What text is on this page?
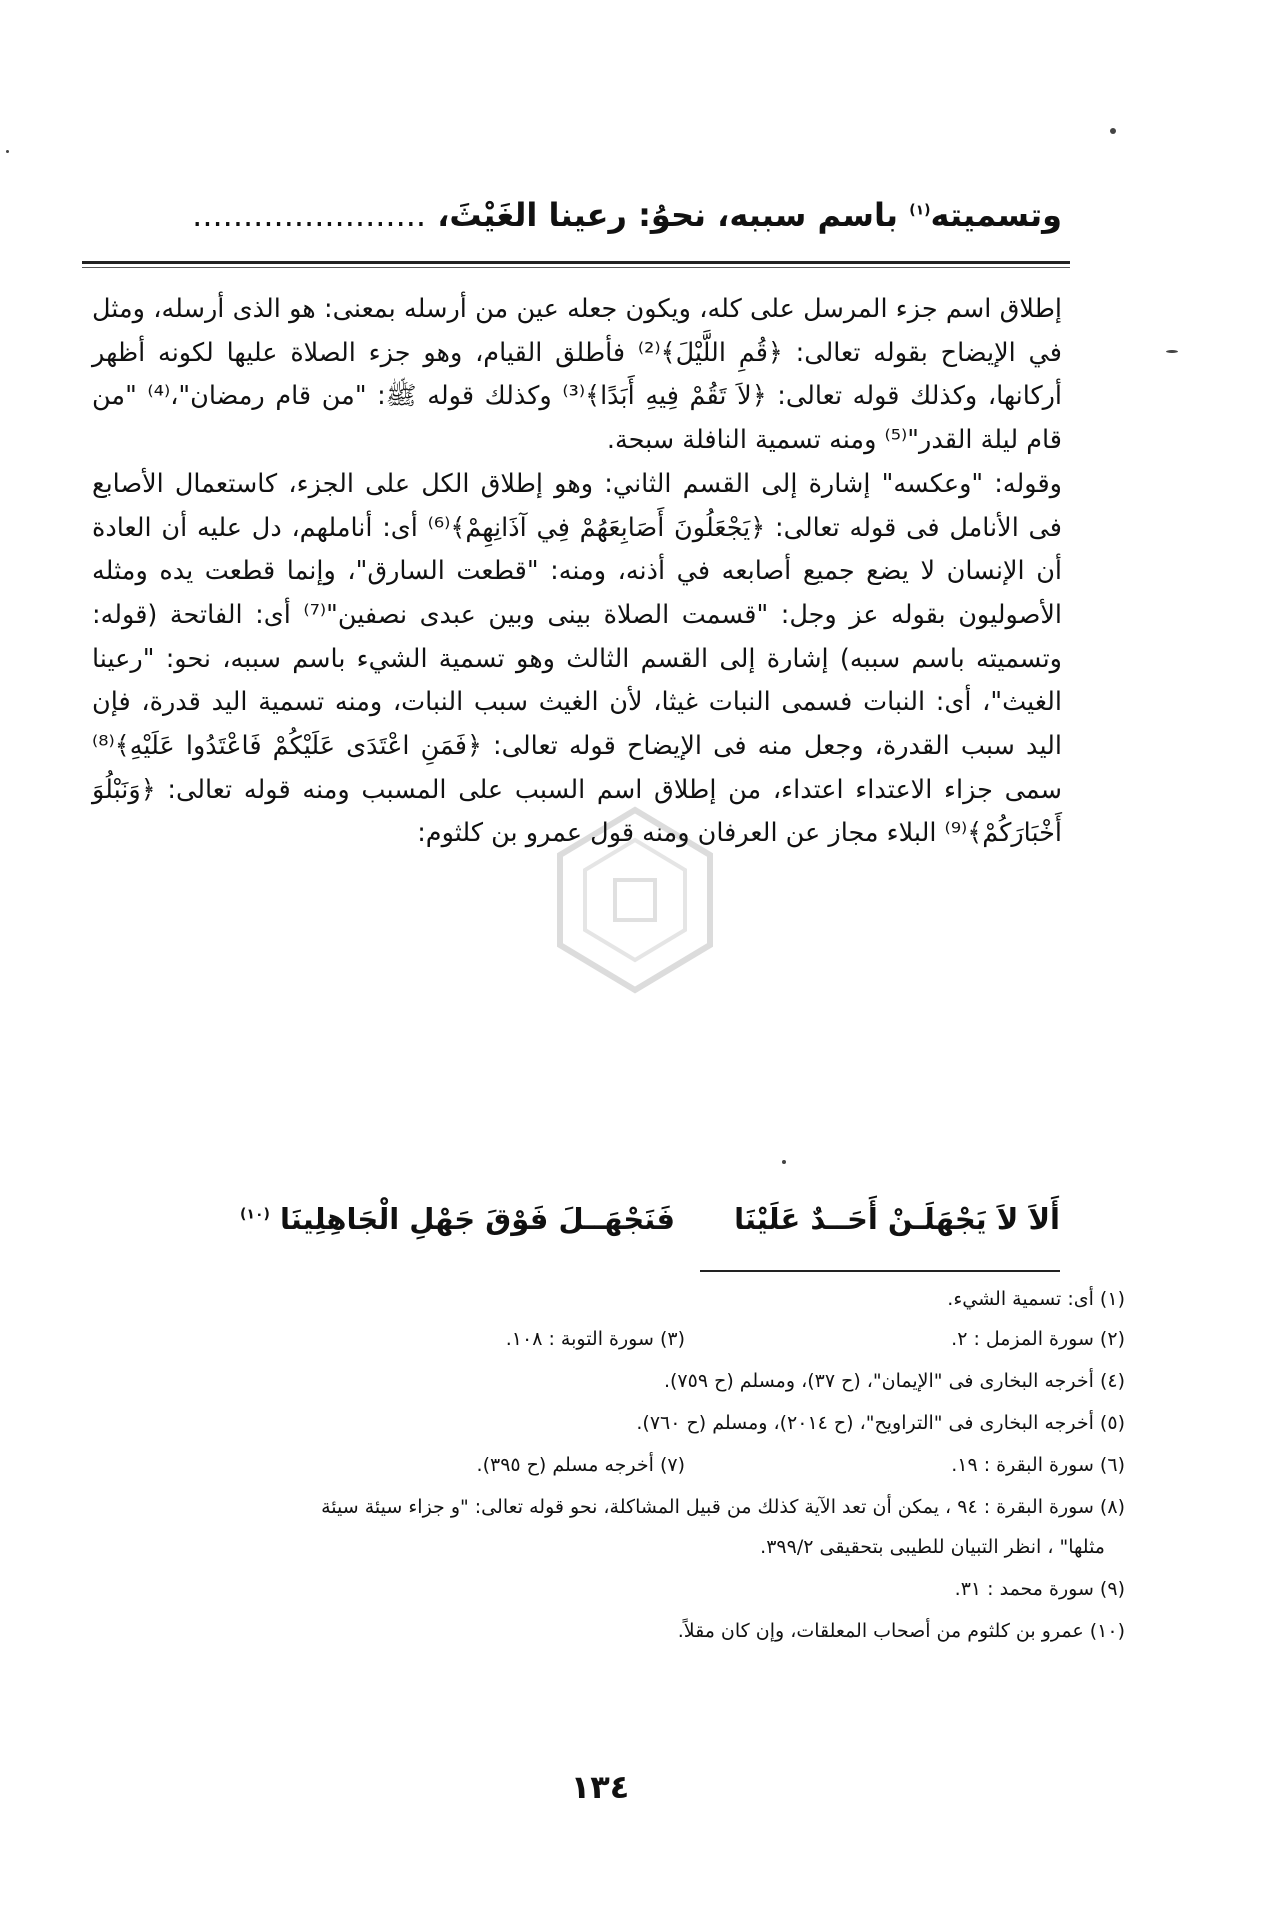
وتسميته$^{(١)}$ باسم سببه، نحوُ: رعينا الغَيْثَ، .......................

إطلاق اسم جزء المرسل على كله، ويكون جعله عين من أرسله بمعنى: هو الذى أرسله، ومثل في الإيضاح بقوله تعالى: ﴿قُمِ اللَّيْلَ﴾⁽²⁾ فأطلق القيام، وهو جزء الصلاة عليها لكونه أظهر أركانها، وكذلك قوله تعالى: ﴿لاَ تَقُمْ فِيهِ أَبَدًا﴾⁽³⁾ وكذلك قوله ﷺ: "من قام رمضان"،⁽⁴⁾ "من قام ليلة القدر"⁽⁵⁾ ومنه تسمية النافلة سبحة.

وقوله: "وعكسه" إشارة إلى القسم الثاني: وهو إطلاق الكل على الجزء، كاستعمال الأصابع فى الأنامل فى قوله تعالى: ﴿يَجْعَلُونَ أَصَابِعَهُمْ فِي آذَانِهِمْ﴾⁽⁶⁾ أى: أناملهم، دل عليه أن العادة أن الإنسان لا يضع جميع أصابعه في أذنه، ومنه: "قطعت السارق"، وإنما قطعت يده ومثله الأصوليون بقوله عز وجل: "قسمت الصلاة بينى وبين عبدى نصفين"⁽⁷⁾ أى: الفاتحة (قوله: وتسميته باسم سببه) إشارة إلى القسم الثالث وهو تسمية الشيء باسم سببه، نحو: "رعينا الغيث"، أى: النبات فسمى النبات غيثا، لأن الغيث سبب النبات، ومنه تسمية اليد قدرة، فإن اليد سبب القدرة، وجعل منه فى الإيضاح قوله تعالى: ﴿فَمَنِ اعْتَدَى عَلَيْكُمْ فَاعْتَدُوا عَلَيْهِ﴾⁽⁸⁾ سمى جزاء الاعتداء اعتداء، من إطلاق اسم السبب على المسبب ومنه قوله تعالى: ﴿وَنَبْلُوَ أَخْبَارَكُمْ﴾⁽⁹⁾ البلاء مجاز عن العرفان ومنه قول عمرو بن كلثوم:

أَلاَ لاَ يَجْهَلَـنْ أَحَــدٌ عَلَيْنَا
فَنَجْهَــلَ فَوْقَ جَهْلِ الْجَاهِلِينَا $^{(١٠)}$
(١) أى: تسمية الشيء.
(٢) سورة المزمل : ٢.
(٣) سورة التوبة : ١٠٨.
(٤) أخرجه البخارى فى "الإيمان"، (ح ٣٧)، ومسلم (ح ٧٥٩).
(٥) أخرجه البخارى فى "التراويح"، (ح ٢٠١٤)، ومسلم (ح ٧٦٠).
(٦) سورة البقرة : ١٩.
(٧) أخرجه مسلم (ح ٣٩٥).
(٨) سورة البقرة : ٩٤ ، يمكن أن تعد الآية كذلك من قبيل المشاكلة، نحو قوله تعالى: "و جزاء سيئة سيئة
مثلها" ، انظر التبيان للطيبى بتحقيقى ٣٩٩/٢.
(٩) سورة محمد : ٣١.
(١٠) عمرو بن كلثوم من أصحاب المعلقات، وإن كان مقلاً.
١٣٤
